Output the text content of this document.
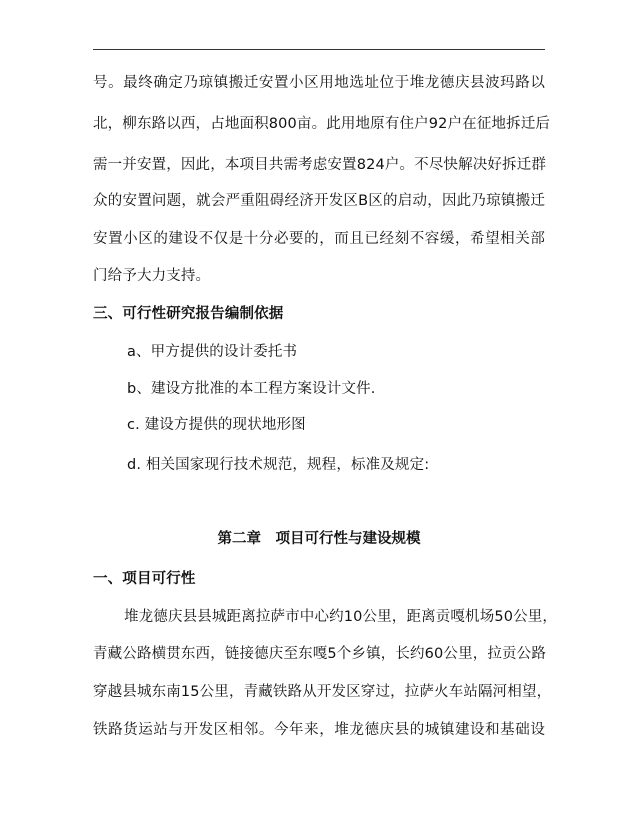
号。最终确定乃琼镇搬迁安置小区用地选址位于堆龙德庆县波玛路以
北，柳东路以西，占地面积800亩。此用地原有住户92户在征地拆迁后
需一并安置，因此，本项目共需考虑安置824户。不尽快解决好拆迁群
众的安置问题，就会严重阻碍经济开发区B区的启动，因此乃琼镇搬迁
安置小区的建设不仅是十分必要的，而且已经刻不容缓，希望相关部
门给予大力支持。
三、可行性研究报告编制依据
a、甲方提供的设计委托书
b、建设方批准的本工程方案设计文件.
c. 建设方提供的现状地形图
d. 相关国家现行技术规范，规程，标准及规定:
第二章　项目可行性与建设规模
一、项目可行性
堆龙德庆县县城距离拉萨市中心约10公里，距离贡嘎机场50公里，
青藏公路横贯东西，链接德庆至东嘎5个乡镇，长约60公里，拉贡公路
穿越县城东南15公里，青藏铁路从开发区穿过，拉萨火车站隔河相望，
铁路货运站与开发区相邻。今年来，堆龙德庆县的城镇建设和基础设
